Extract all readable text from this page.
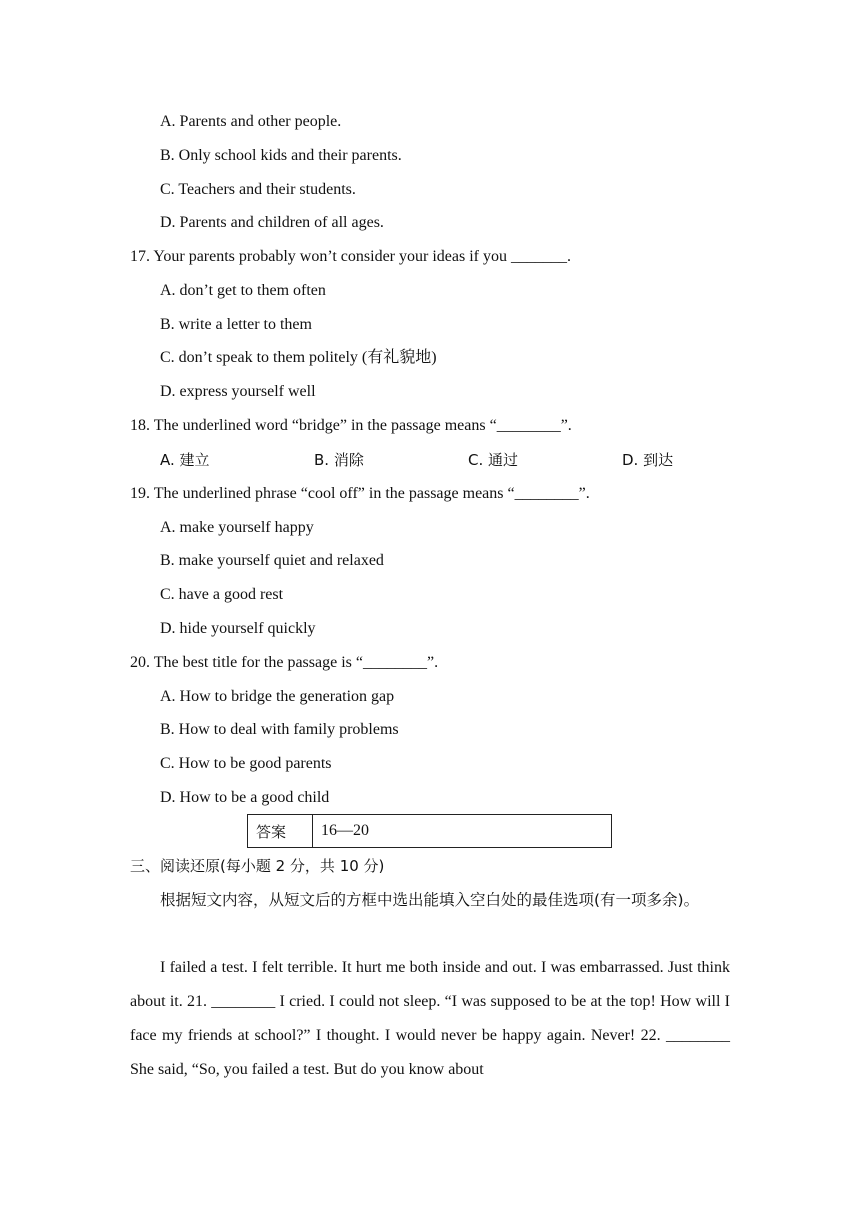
A. Parents and other people.
B. Only school kids and their parents.
C. Teachers and their students.
D. Parents and children of all ages.
17. Your parents probably won’t consider your ideas if you _______.
A. don’t get to them often
B. write a letter to them
C. don’t speak to them politely (有礼貌地)
D. express yourself well
18. The underlined word “bridge” in the passage means “________”.
A. 建立	B. 消除	C. 通过	D. 到达
19. The underlined phrase “cool off” in the passage means “________”.
A. make yourself happy
B. make yourself quiet and relaxed
C. have a good rest
D. hide yourself quickly
20. The best title for the passage is “________”.
A. How to bridge the generation gap
B. How to deal with family problems
C. How to be good parents
D. How to be a good child
答案	16—20
三、阅读还原(每小题 2 分，共 10 分)
根据短文内容，从短文后的方框中选出能填入空白处的最佳选项(有一项多余)。
I failed a test. I felt terrible. It hurt me both inside and out. I was embarrassed. Just think about it. 21. ________ I cried. I could not sleep. “I was supposed to be at the top! How will I face my friends at school?” I thought. I would never be happy again. Never! 22. ________ She said, “So, you failed a test. But do you know about
